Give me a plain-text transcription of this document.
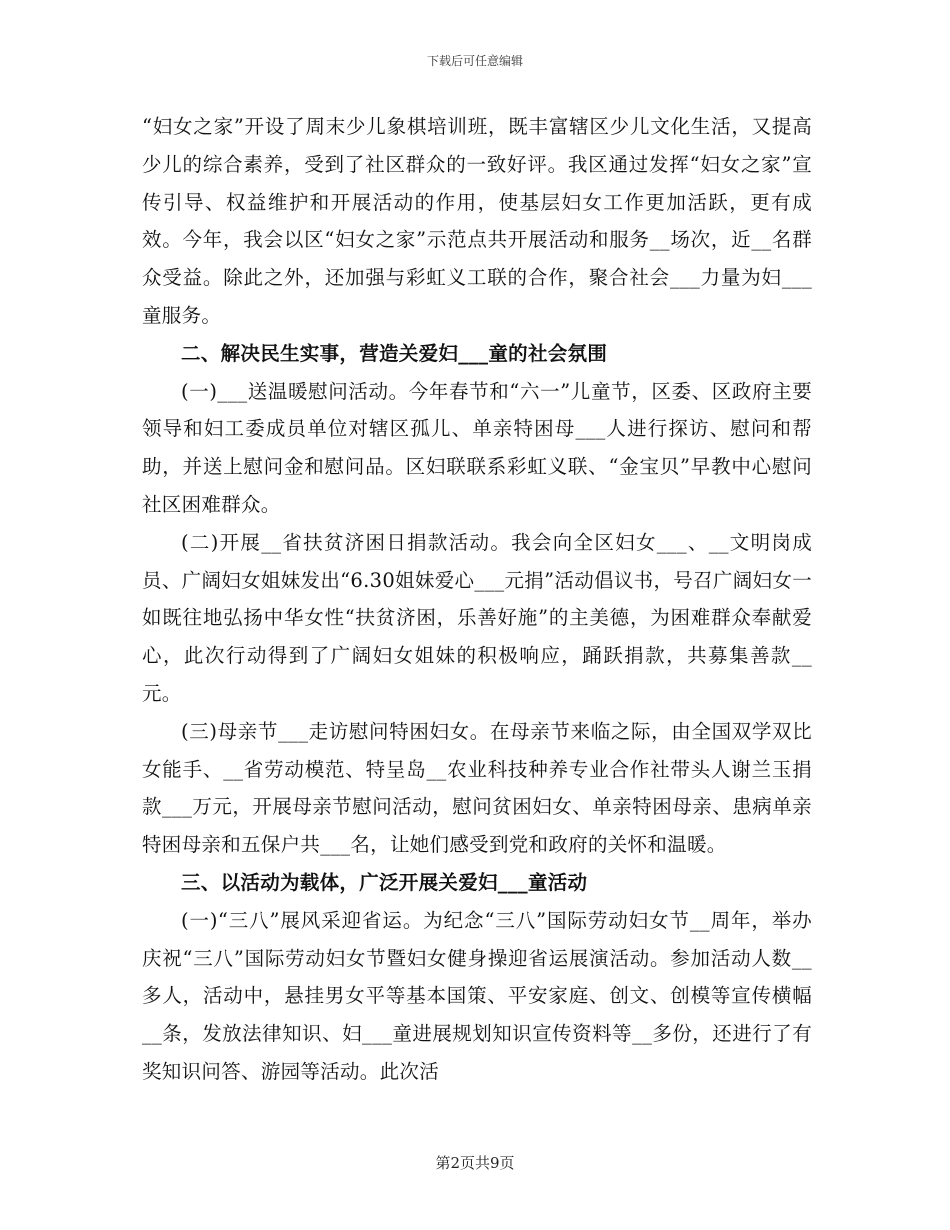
下载后可任意编辑

“妇女之家”开设了周末少儿象棋培训班，既丰富辖区少儿文化生活，又提高少儿的综合素养，受到了社区群众的一致好评。我区通过发挥“妇女之家”宣传引导、权益维护和开展活动的作用，使基层妇女工作更加活跃，更有成效。今年，我会以区“妇女之家”示范点共开展活动和服务__场次，近__名群众受益。除此之外，还加强与彩虹义工联的合作，聚合社会___力量为妇___童服务。

二、解决民生实事，营造关爱妇___童的社会氛围

(一)___送温暖慰问活动。今年春节和“六一”儿童节，区委、区政府主要领导和妇工委成员单位对辖区孤儿、单亲特困母___人进行探访、慰问和帮助，并送上慰问金和慰问品。区妇联联系彩虹义联、“金宝贝”早教中心慰问社区困难群众。

(二)开展__省扶贫济困日捐款活动。我会向全区妇女___、__文明岗成员、广阔妇女姐妹发出“6.30姐妹爱心___元捐”活动倡议书，号召广阔妇女一如既往地弘扬中华女性“扶贫济困，乐善好施”的主美德，为困难群众奉献爱心，此次行动得到了广阔妇女姐妹的积极响应，踊跃捐款，共募集善款__元。

(三)母亲节___走访慰问特困妇女。在母亲节来临之际，由全国双学双比女能手、__省劳动模范、特呈岛__农业科技种养专业合作社带头人谢兰玉捐款___万元，开展母亲节慰问活动，慰问贫困妇女、单亲特困母亲、患病单亲特困母亲和五保户共___名，让她们感受到党和政府的关怀和温暖。

三、以活动为载体，广泛开展关爱妇___童活动

(一)“三八”展风采迎省运。为纪念“三八”国际劳动妇女节__周年，举办庆祝“三八”国际劳动妇女节暨妇女健身操迎省运展演活动。参加活动人数__多人，活动中，悬挂男女平等基本国策、平安家庭、创文、创模等宣传横幅__条，发放法律知识、妇___童进展规划知识宣传资料等__多份，还进行了有奖知识问答、游园等活动。此次活

第2页共9页
